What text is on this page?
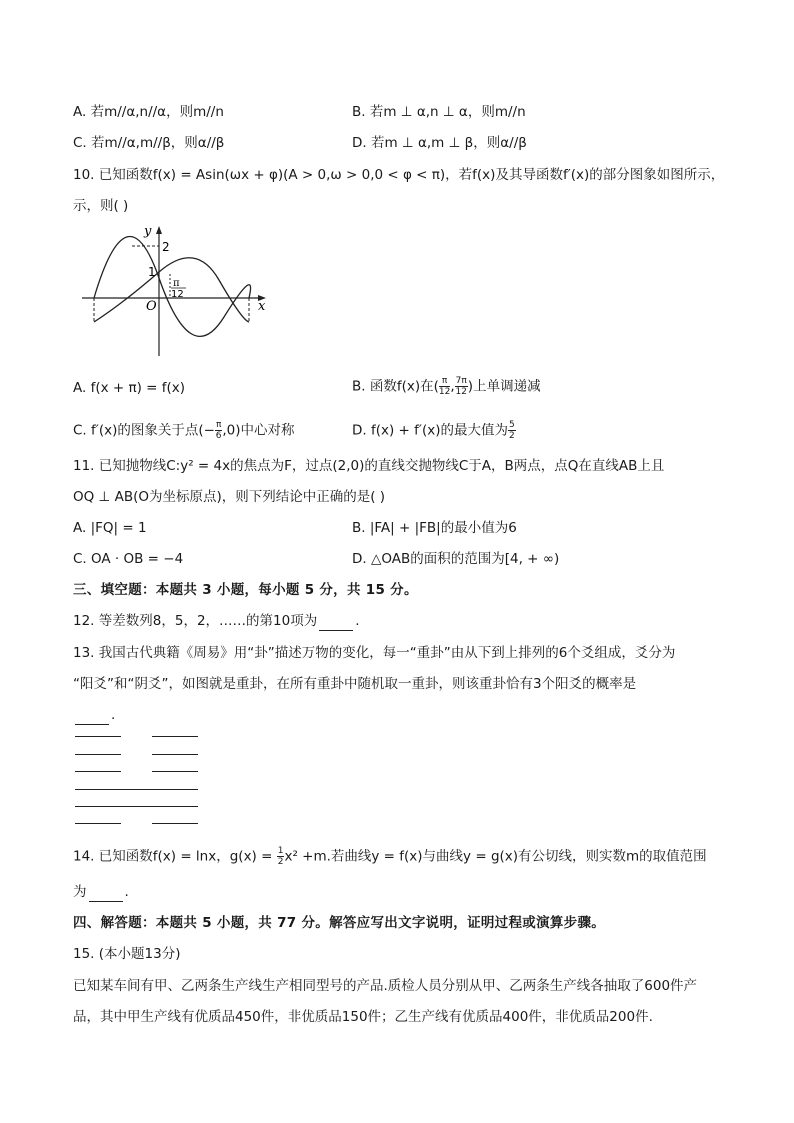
A. 若m//α,n//α，则m//n	B. 若m ⊥ α,n ⊥ α，则m//n
C. 若m//α,m//β，则α//β	D. 若m ⊥ α,m ⊥ β，则α//β
10. 已知函数f(x) = Asin(ωx + φ)(A > 0,ω > 0,0 < φ < π)，若f(x)及其导函数f′(x)的部分图象如图所示，
示，则( )
y
x
O
2
1
π
12
A. f(x + π) = f(x)	B. 函数f(x)在( $\frac{\pi}{12}$ , $\frac{7\pi}{12}$ )上单调递减
C. f′(x)的图象关于点(− $\frac{\pi}{6} ,0$)中心对称	D. f(x) + f′(x)的最大值为 $\frac{5}{2}$
11. 已知抛物线C:y² = 4x的焦点为F，过点(2,0)的直线交抛物线C于A，B两点，点Q在直线AB上且
OQ ⊥ AB(O为坐标原点)，则下列结论中正确的是( )
A. |FQ| = 1	B. |FA| + |FB|的最小值为6
C. OA · OB = −4	D. △OAB的面积的范围为[4, + ∞)
三、填空题：本题共 3 小题，每小题 5 分，共 15 分。
12. 等差数列8，5，2，……的第10项为	.
13. 我国古代典籍《周易》用“卦”描述万物的变化，每一“重卦”由从下到上排列的6个爻组成，爻分为
“阳爻”和“阴爻”，如图就是重卦，在所有重卦中随机取一重卦，则该重卦恰有3个阳爻的概率是
.
14. 已知函数f(x) = lnx，$g(x) = \frac{1}{2} x^2 +m$.若曲线y = f(x)与曲线y = g(x)有公切线，则实数m的取值范围
为	.
四、解答题：本题共 5 小题，共 77 分。解答应写出文字说明，证明过程或演算步骤。
15. (本小题13分)
已知某车间有甲、乙两条生产线生产相同型号的产品.质检人员分别从甲、乙两条生产线各抽取了600件产
品，其中甲生产线有优质品450件，非优质品150件；乙生产线有优质品400件，非优质品200件.
